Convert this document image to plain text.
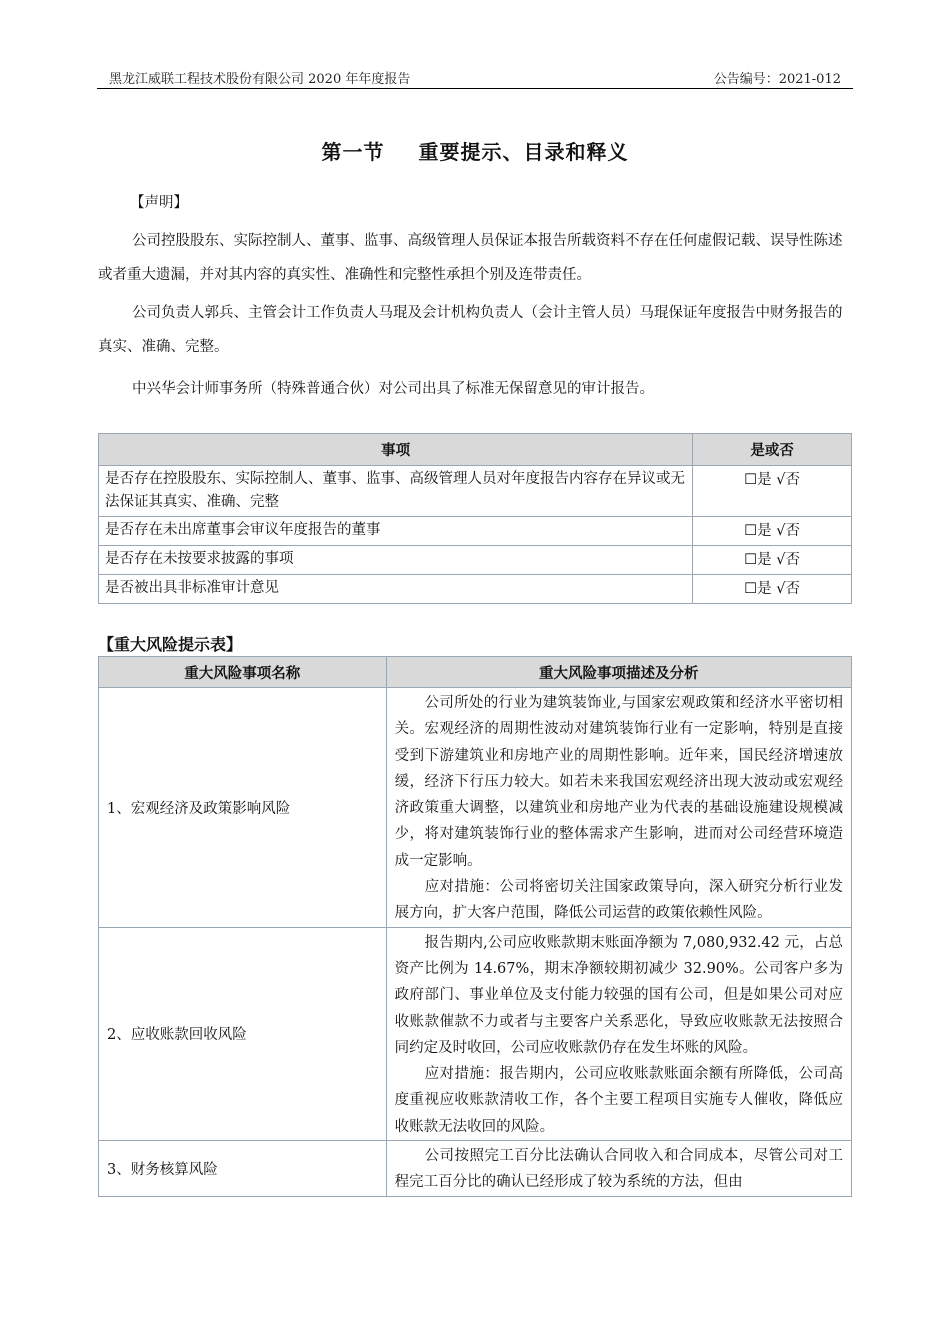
黑龙江威联工程技术股份有限公司 2020 年年度报告	公告编号：2021-012
第一节 重要提示、目录和释义
【声明】
公司控股股东、实际控制人、董事、监事、高级管理人员保证本报告所载资料不存在任何虚假记载、误导性陈述或者重大遗漏，并对其内容的真实性、准确性和完整性承担个别及连带责任。
公司负责人郭兵、主管会计工作负责人马琨及会计机构负责人（会计主管人员）马琨保证年度报告中财务报告的真实、准确、完整。
中兴华会计师事务所（特殊普通合伙）对公司出具了标准无保留意见的审计报告。
事项	是或否
是否存在控股股东、实际控制人、董事、监事、高级管理人员对年度报告内容存在异议或无法保证其真实、准确、完整	☐是 √否
是否存在未出席董事会审议年度报告的董事	☐是 √否
是否存在未按要求披露的事项	☐是 √否
是否被出具非标准审计意见	☐是 √否
【重大风险提示表】
重大风险事项名称	重大风险事项描述及分析
1、宏观经济及政策影响风险	公司所处的行业为建筑装饰业,与国家宏观政策和经济水平密切相关。宏观经济的周期性波动对建筑装饰行业有一定影响，特别是直接受到下游建筑业和房地产业的周期性影响。近年来，国民经济增速放缓，经济下行压力较大。如若未来我国宏观经济出现大波动或宏观经济政策重大调整，以建筑业和房地产业为代表的基础设施建设规模减少，将对建筑装饰行业的整体需求产生影响，进而对公司经营环境造成一定影响。

应对措施：公司将密切关注国家政策导向，深入研究分析行业发展方向，扩大客户范围，降低公司运营的政策依赖性风险。

2、应收账款回收风险	报告期内,公司应收账款期末账面净额为 7,080,932.42 元，占总资产比例为 14.67%，期末净额较期初减少 32.90%。公司客户多为政府部门、事业单位及支付能力较强的国有公司，但是如果公司对应收账款催款不力或者与主要客户关系恶化，导致应收账款无法按照合同约定及时收回，公司应收账款仍存在发生坏账的风险。

应对措施：报告期内，公司应收账款账面余额有所降低，公司高度重视应收账款清收工作，各个主要工程项目实施专人催收，降低应收账款无法收回的风险。

3、财务核算风险	公司按照完工百分比法确认合同收入和合同成本，尽管公司对工程完工百分比的确认已经形成了较为系统的方法，但由
